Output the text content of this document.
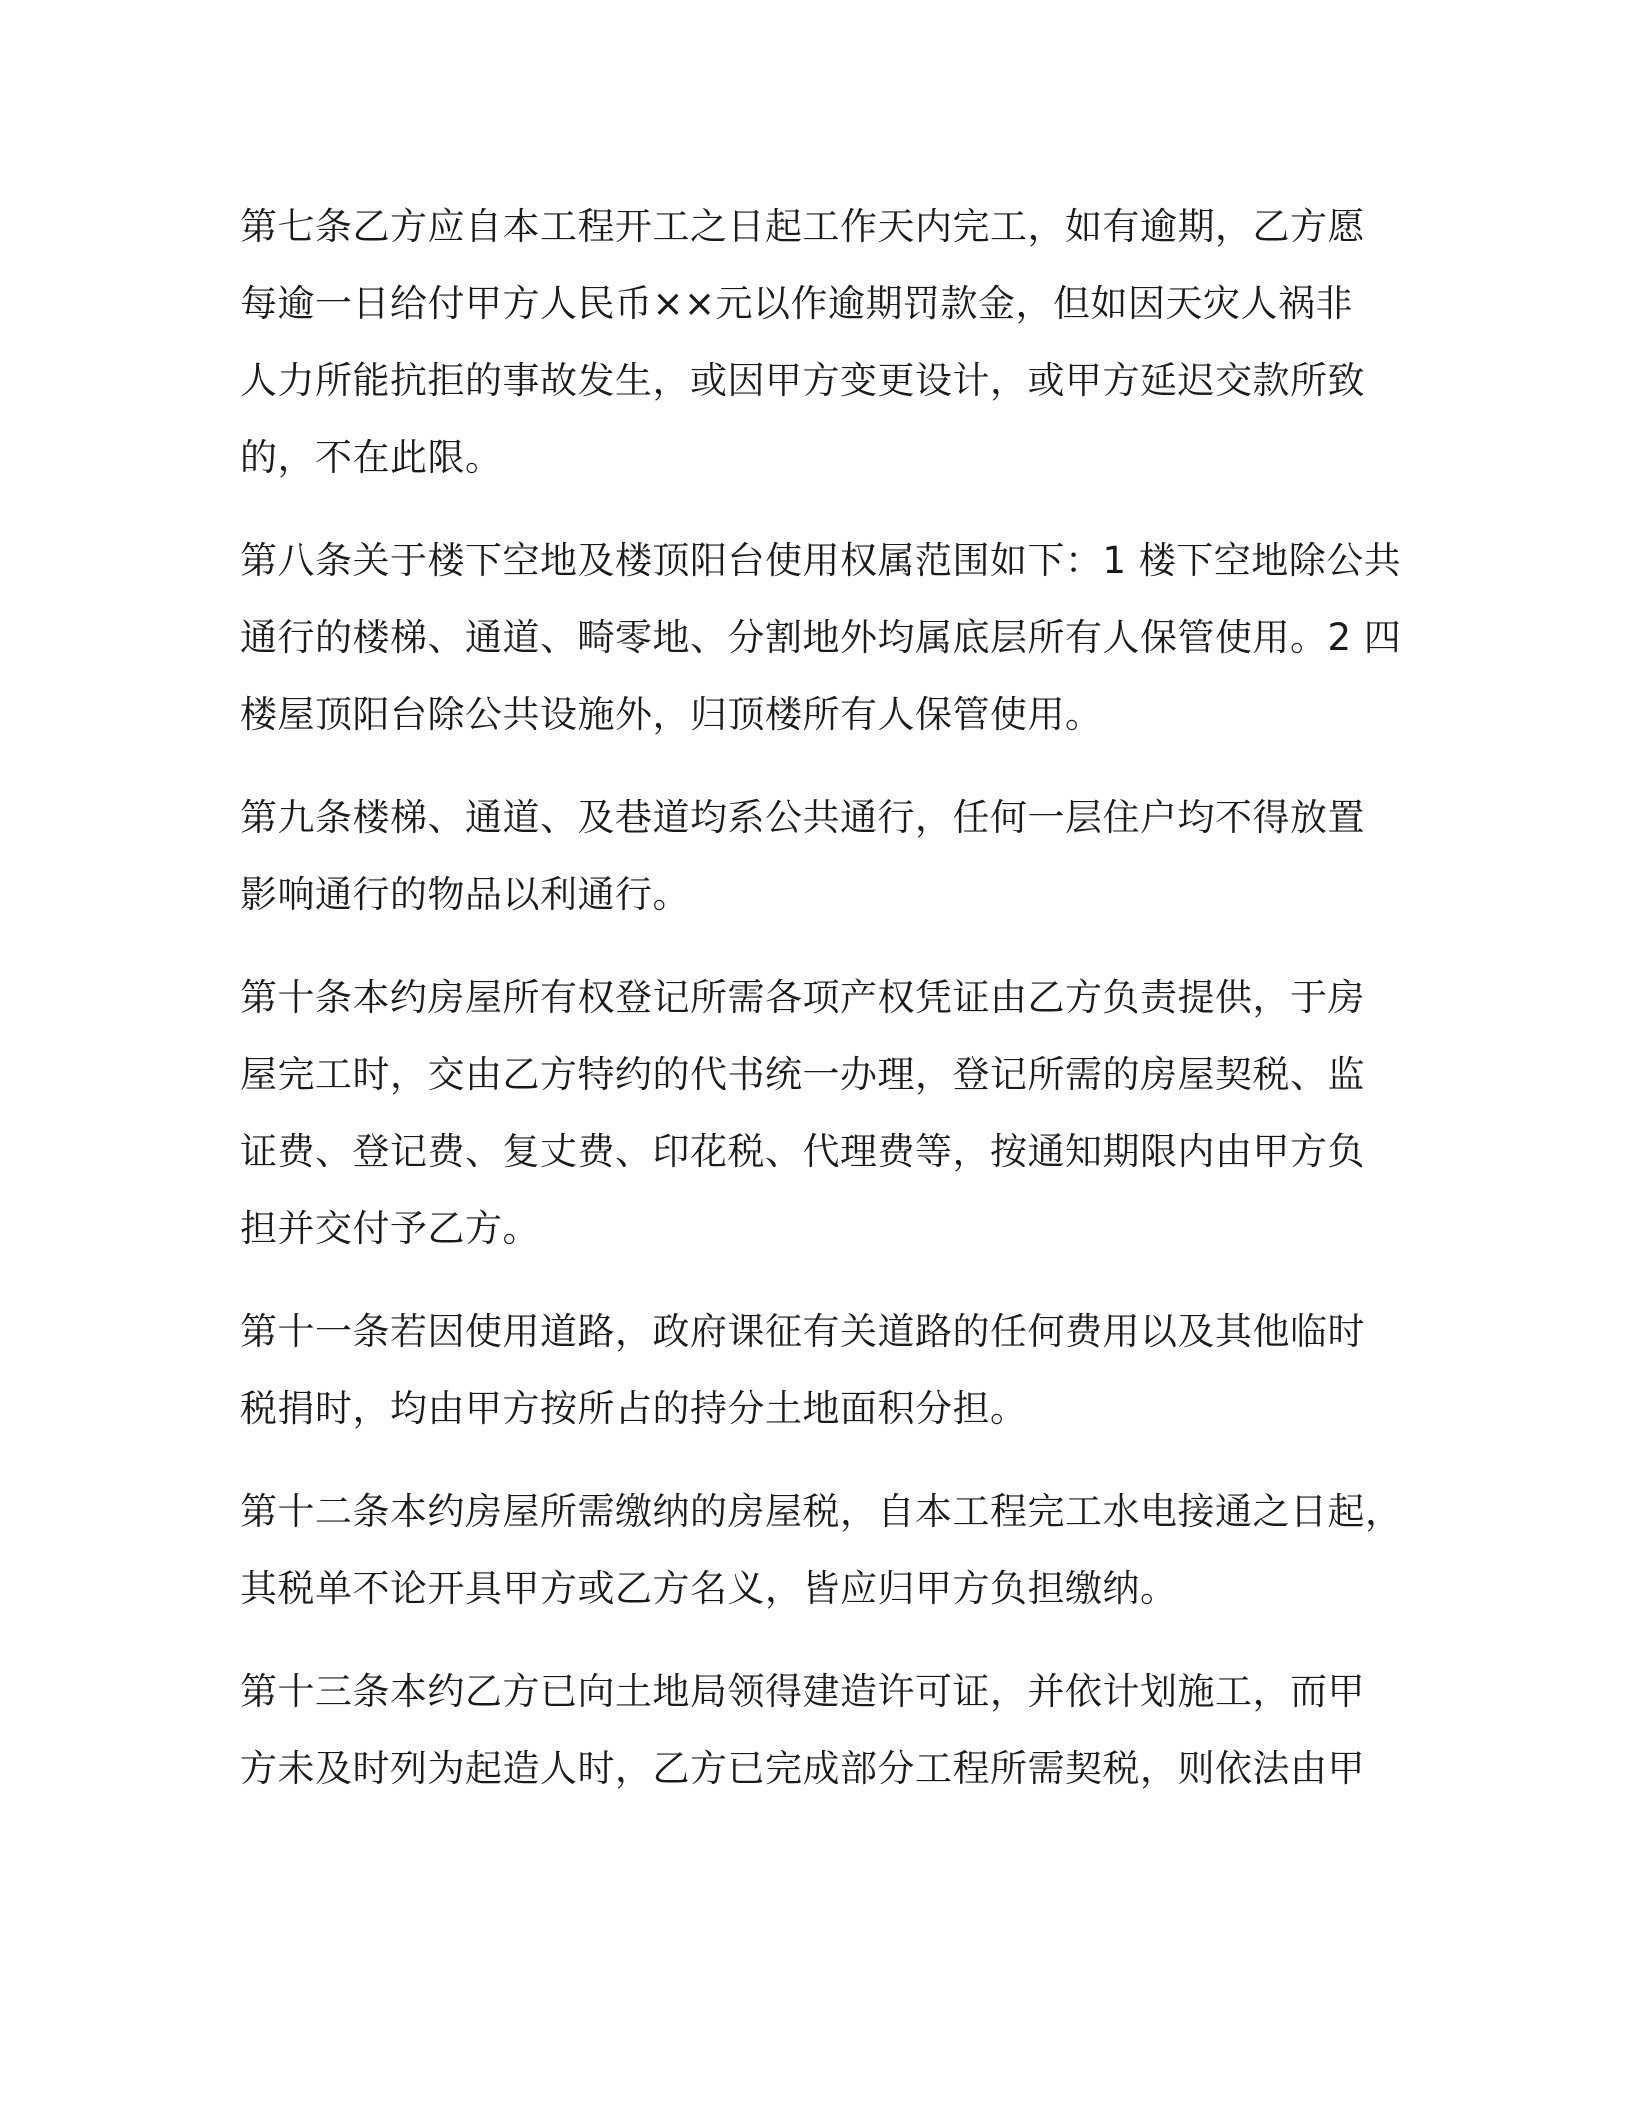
第七条乙方应自本工程开工之日起工作天内完工，如有逾期，乙方愿
每逾一日给付甲方人民币××元以作逾期罚款金，但如因天灾人祸非
人力所能抗拒的事故发生，或因甲方变更设计，或甲方延迟交款所致
的，不在此限。
第八条关于楼下空地及楼顶阳台使用权属范围如下：1 楼下空地除公共
通行的楼梯、通道、畸零地、分割地外均属底层所有人保管使用。2 四
楼屋顶阳台除公共设施外，归顶楼所有人保管使用。
第九条楼梯、通道、及巷道均系公共通行，任何一层住户均不得放置
影响通行的物品以利通行。
第十条本约房屋所有权登记所需各项产权凭证由乙方负责提供，于房
屋完工时，交由乙方特约的代书统一办理，登记所需的房屋契税、监
证费、登记费、复丈费、印花税、代理费等，按通知期限内由甲方负
担并交付予乙方。
第十一条若因使用道路，政府课征有关道路的任何费用以及其他临时
税捐时，均由甲方按所占的持分土地面积分担。
第十二条本约房屋所需缴纳的房屋税，自本工程完工水电接通之日起，
其税单不论开具甲方或乙方名义，皆应归甲方负担缴纳。
第十三条本约乙方已向土地局领得建造许可证，并依计划施工，而甲
方未及时列为起造人时，乙方已完成部分工程所需契税，则依法由甲
